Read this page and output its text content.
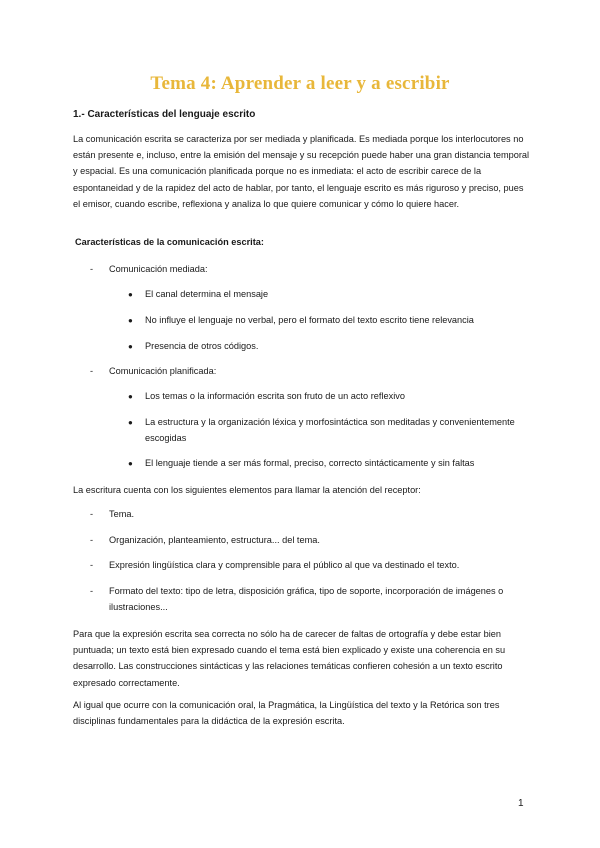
Tema 4: Aprender a leer y a escribir
1.- Características del lenguaje escrito

La comunicación escrita se caracteriza por ser mediada y planificada. Es mediada porque los interlocutores no están presente e, incluso, entre la emisión del mensaje y su recepción puede haber una gran distancia temporal y espacial. Es una comunicación planificada porque no es inmediata: el acto de escribir carece de la espontaneidad y de la rapidez del acto de hablar, por tanto, el lenguaje escrito es más riguroso y preciso, pues el emisor, cuando escribe, reflexiona y analiza lo que quiere comunicar y cómo lo quiere hacer.

Características de la comunicación escrita:
- Comunicación mediada:
● El canal determina el mensaje
● No influye el lenguaje no verbal, pero el formato del texto escrito tiene relevancia
● Presencia de otros códigos.
- Comunicación planificada:
● Los temas o la información escrita son fruto de un acto reflexivo
● La estructura y la organización léxica y morfosintáctica son meditadas y convenientemente escogidas
● El lenguaje tiende a ser más formal, preciso, correcto sintácticamente y sin faltas
La escritura cuenta con los siguientes elementos para llamar la atención del receptor:
- Tema.
- Organización, planteamiento, estructura... del tema.
- Expresión lingüística clara y comprensible para el público al que va destinado el texto.
- Formato del texto: tipo de letra, disposición gráfica, tipo de soporte, incorporación de imágenes o ilustraciones...

Para que la expresión escrita sea correcta no sólo ha de carecer de faltas de ortografía y debe estar bien puntuada; un texto está bien expresado cuando el tema está bien explicado y existe una coherencia en su desarrollo. Las construcciones sintácticas y las relaciones temáticas confieren cohesión a un texto escrito expresado correctamente.

Al igual que ocurre con la comunicación oral, la Pragmática, la Lingüística del texto y la Retórica son tres disciplinas fundamentales para la didáctica de la expresión escrita.

1
